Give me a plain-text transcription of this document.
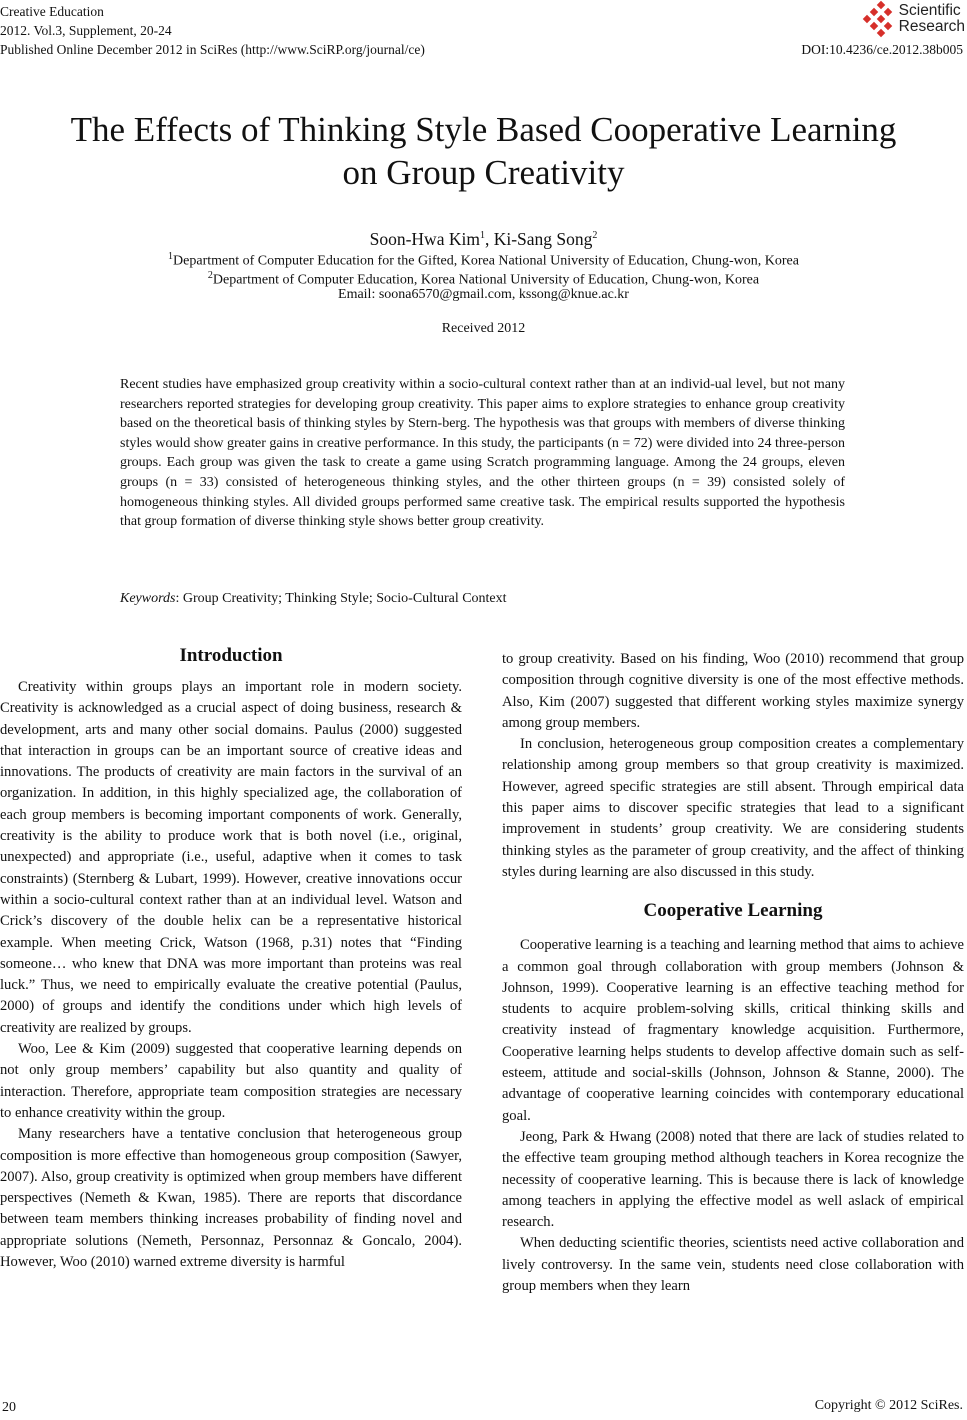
Creative Education
2012. Vol.3, Supplement, 20-24
Published Online December 2012 in SciRes (http://www.SciRP.org/journal/ce)
Scientific
Research
DOI:10.4236/ce.2012.38b005
The Effects of Thinking Style Based Cooperative Learning
on Group Creativity
Soon-Hwa Kim$^1$, Ki-Sang Song$^2$
$^1$Department of Computer Education for the Gifted, Korea National University of Education, Chung-won, Korea
$^2$Department of Computer Education, Korea National University of Education, Chung-won, Korea
Email: soona6570@gmail.com, kssong@knue.ac.kr
Received 2012
Recent studies have emphasized group creativity within a socio-cultural context rather than at an individ-ual level, but not many researchers reported strategies for developing group creativity. This paper aims to explore strategies to enhance group creativity based on the theoretical basis of thinking styles by Stern-berg. The hypothesis was that groups with members of diverse thinking styles would show greater gains in creative performance. In this study, the participants (n = 72) were divided into 24 three-person groups. Each group was given the task to create a game using Scratch programming language. Among the 24 groups, eleven groups (n = 33) consisted of heterogeneous thinking styles, and the other thirteen groups (n = 39) consisted solely of homogeneous thinking styles. All divided groups performed same creative task. The empirical results supported the hypothesis that group formation of diverse thinking style shows better group creativity.
Keywords: Group Creativity; Thinking Style; Socio-Cultural Context
Introduction

Creativity within groups plays an important role in modern society. Creativity is acknowledged as a crucial aspect of doing business, research & development, arts and many other social domains. Paulus (2000) suggested that interaction in groups can be an important source of creative ideas and innovations. The products of creativity are main factors in the survival of an organization. In addition, in this highly specialized age, the collaboration of each group members is becoming important components of work. Generally, creativity is the ability to produce work that is both novel (i.e., original, unexpected) and appropriate (i.e., useful, adaptive when it comes to task constraints) (Sternberg & Lubart, 1999). However, creative innovations occur within a socio-cultural context rather than at an individual level. Watson and Crick’s discovery of the double helix can be a representative historical example. When meeting Crick, Watson (1968, p.31) notes that “Finding someone… who knew that DNA was more important than proteins was real luck.” Thus, we need to empirically evaluate the creative potential (Paulus, 2000) of groups and identify the conditions under which high levels of creativity are realized by groups.

Woo, Lee & Kim (2009) suggested that cooperative learning depends on not only group members’ capability but also quantity and quality of interaction. Therefore, appropriate team composition strategies are necessary to enhance creativity within the group.

Many researchers have a tentative conclusion that heterogeneous group composition is more effective than homogeneous group composition (Sawyer, 2007). Also, group creativity is optimized when group members have different perspectives (Nemeth & Kwan, 1985). There are reports that discordance between team members thinking increases probability of finding novel and appropriate solutions (Nemeth, Personnaz, Personnaz & Goncalo, 2004). However, Woo (2010) warned extreme diversity is harmful

to group creativity. Based on his finding, Woo (2010) recommend that group composition through cognitive diversity is one of the most effective methods. Also, Kim (2007) suggested that different working styles maximize synergy among group members.

In conclusion, heterogeneous group composition creates a complementary relationship among group members so that group creativity is maximized. However, agreed specific strategies are still absent. Through empirical data this paper aims to discover specific strategies that lead to a significant improvement in students’ group creativity. We are considering students thinking styles as the parameter of group creativity, and the affect of thinking styles during learning are also discussed in this study.

Cooperative Learning

Cooperative learning is a teaching and learning method that aims to achieve a common goal through collaboration with group members (Johnson & Johnson, 1999). Cooperative learning is an effective teaching method for students to acquire problem-solving skills, critical thinking skills and creativity instead of fragmentary knowledge acquisition. Furthermore, Cooperative learning helps students to develop affective domain such as self-esteem, attitude and social-skills (Johnson, Johnson & Stanne, 2000). The advantage of cooperative learning coincides with contemporary educational goal.

Jeong, Park & Hwang (2008) noted that there are lack of studies related to the effective team grouping method although teachers in Korea recognize the necessity of cooperative learning. This is because there is lack of knowledge among teachers in applying the effective model as well aslack of empirical research.

When deducting scientific theories, scientists need active collaboration and lively controversy. In the same vein, students need close collaboration with group members when they learn

20	Copyright © 2012 SciRes.
